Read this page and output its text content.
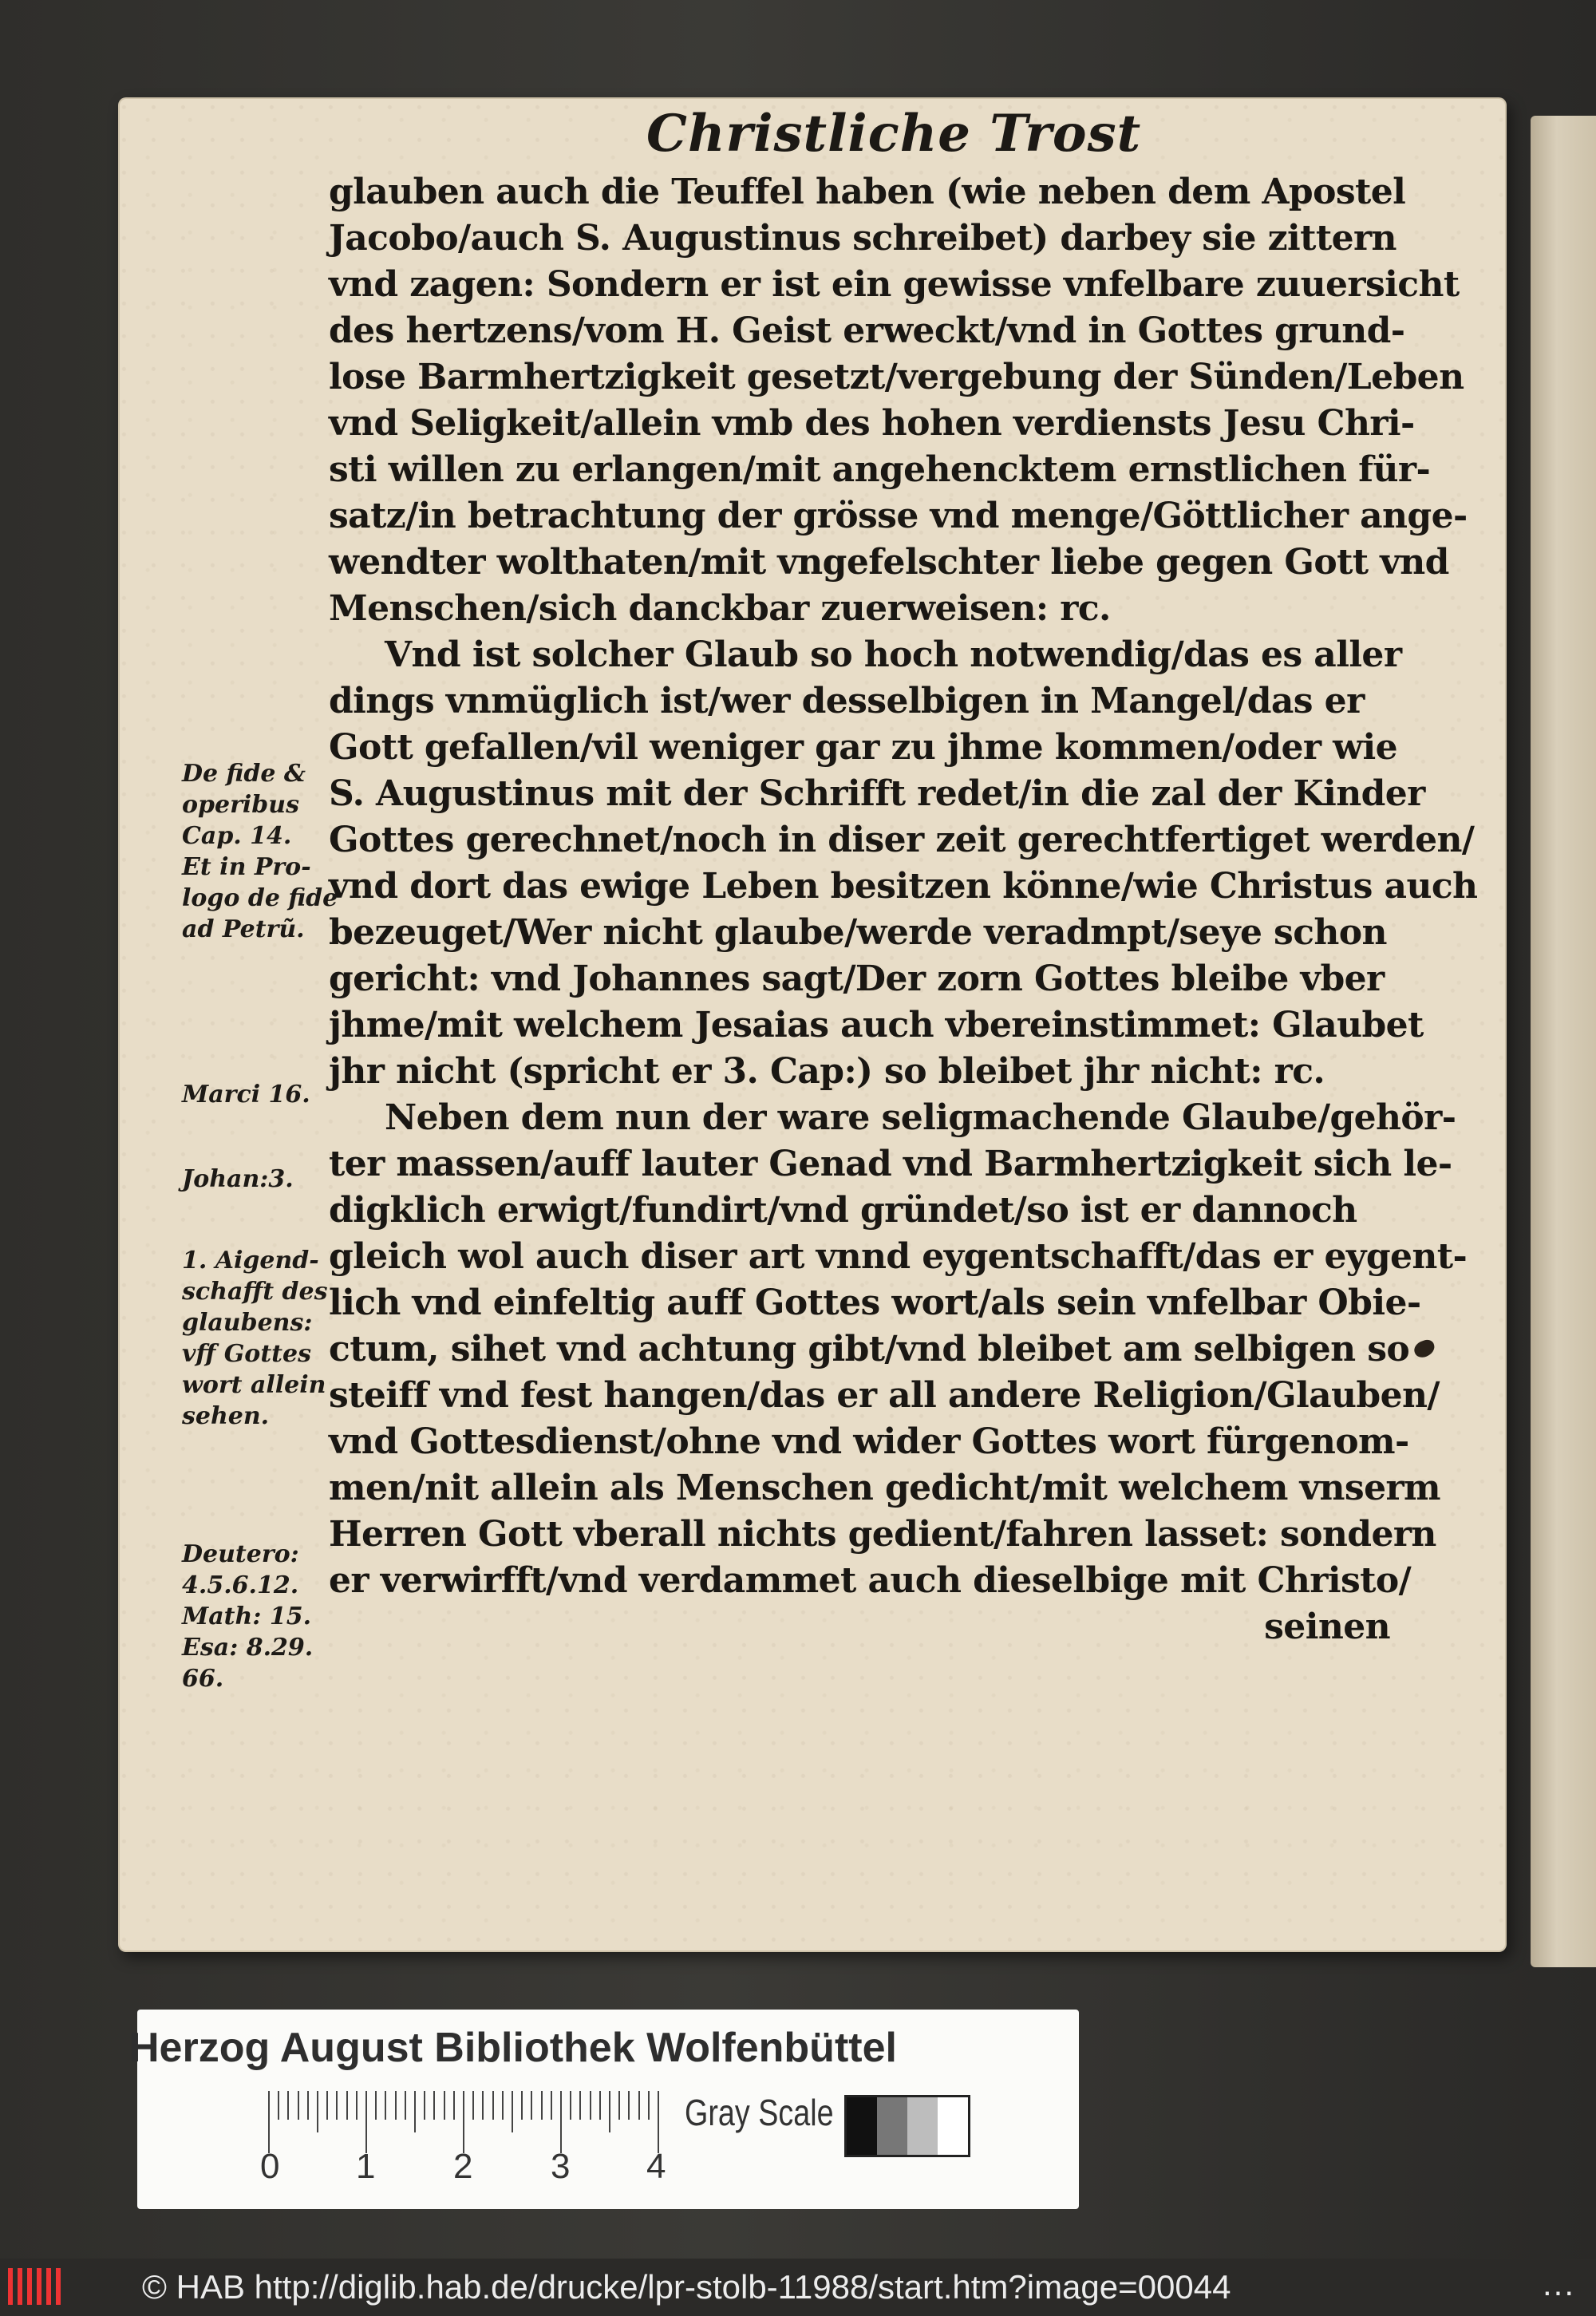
Christliche Trost
glauben auch die Teuffel haben (wie neben dem Apostel
Jacobo/auch S. Augustinus schreibet) darbey sie zittern
vnd zagen: Sondern er ist ein gewisse vnfelbare zuuersicht
des hertzens/vom H. Geist erweckt/vnd in Gottes grund-
lose Barmhertzigkeit gesetzt/vergebung der Sünden/Leben
vnd Seligkeit/allein vmb des hohen verdiensts Jesu Chri-
sti willen zu erlangen/mit angehencktem ernstlichen für-
satz/in betrachtung der grösse vnd menge/Göttlicher ange-
wendter wolthaten/mit vngefelschter liebe gegen Gott vnd
Menschen/sich danckbar zuerweisen: rc.
Vnd ist solcher Glaub so hoch notwendig/das es aller
dings vnmüglich ist/wer desselbigen in Mangel/das er
Gott gefallen/vil weniger gar zu jhme kommen/oder wie
S. Augustinus mit der Schrifft redet/in die zal der Kinder
Gottes gerechnet/noch in diser zeit gerechtfertiget werden/
vnd dort das ewige Leben besitzen könne/wie Christus auch
bezeuget/Wer nicht glaube/werde veradmpt/seye schon
gericht: vnd Johannes sagt/Der zorn Gottes bleibe vber
jhme/mit welchem Jesaias auch vbereinstimmet: Glaubet
jhr nicht (spricht er 3. Cap:) so bleibet jhr nicht: rc.
Neben dem nun der ware seligmachende Glaube/gehör-
ter massen/auff lauter Genad vnd Barmhertzigkeit sich le-
digklich erwigt/fundirt/vnd gründet/so ist er dannoch
gleich wol auch diser art vnnd eygentschafft/das er eygent-
lich vnd einfeltig auff Gottes wort/als sein vnfelbar Obie-
ctum, sihet vnd achtung gibt/vnd bleibet am selbigen so
steiff vnd fest hangen/das er all andere Religion/Glauben/
vnd Gottesdienst/ohne vnd wider Gottes wort fürgenom-
men/nit allein als Menschen gedicht/mit welchem vnserm
Herren Gott vberall nichts gedient/fahren lasset: sondern
er verwirfft/vnd verdammet auch dieselbige mit Christo/
seinen
De fide &
operibus
Cap. 14.
Et in Pro-
logo de fide
ad Petrũ.
Marci 16.
Johan:3.
1. Aigend-
schafft des
glaubens:
vff Gottes
wort allein
sehen.
Deutero:
4.5.6.12.
Math: 15.
Esa: 8.29.
66.
Herzog August Bibliothek Wolfenbüttel
0 1 2 3 4
Gray Scale
© HAB http://diglib.hab.de/drucke/lpr-stolb-11988/start.htm?image=00044	...
